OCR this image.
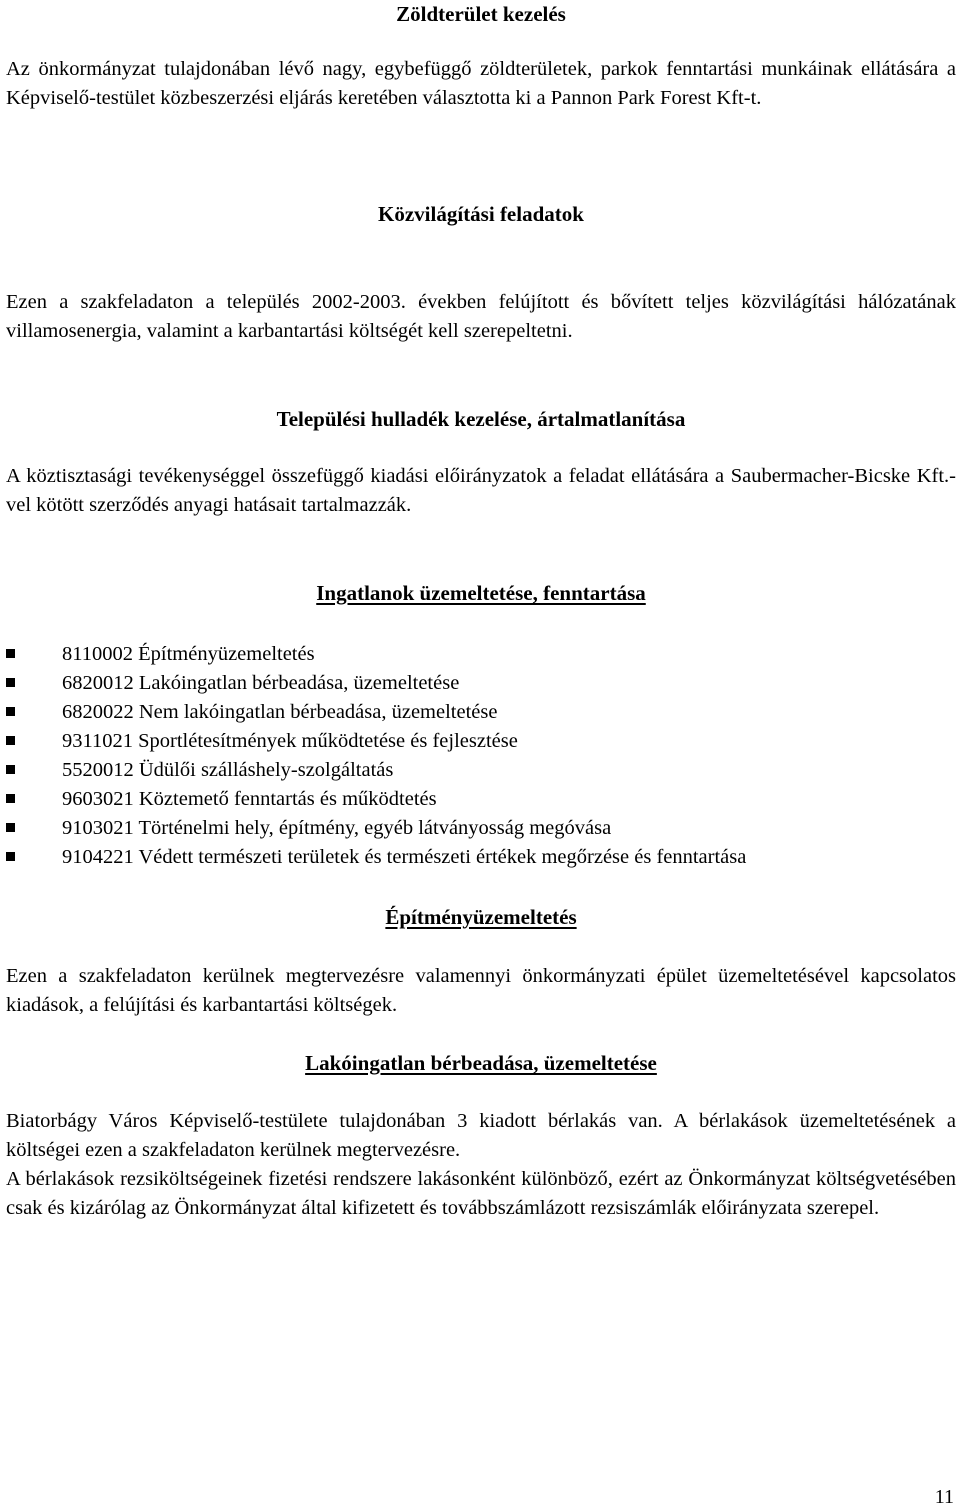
Zöldterület kezelés

Az önkormányzat tulajdonában lévő nagy, egybefüggő zöldterületek, parkok fenntartási munkáinak ellátására a Képviselő-testület közbeszerzési eljárás keretében választotta ki a Pannon Park Forest Kft-t.

Közvilágítási feladatok

Ezen a szakfeladaton a település 2002-2003. években felújított és bővített teljes közvilágítási hálózatának villamosenergia, valamint a karbantartási költségét kell szerepeltetni.

Települési hulladék kezelése, ártalmatlanítása

A köztisztasági tevékenységgel összefüggő kiadási előirányzatok a feladat ellátására a Saubermacher-Bicske Kft.-vel kötött szerződés anyagi hatásait tartalmazzák.

Ingatlanok üzemeltetése, fenntartása
8110002 Építményüzemeltetés
6820012 Lakóingatlan bérbeadása, üzemeltetése
6820022 Nem lakóingatlan bérbeadása, üzemeltetése
9311021 Sportlétesítmények működtetése és fejlesztése
5520012 Üdülői szálláshely-szolgáltatás
9603021 Köztemető fenntartás és működtetés
9103021 Történelmi hely, építmény, egyéb látványosság megóvása
9104221 Védett természeti területek és természeti értékek megőrzése és fenntartása
Építményüzemeltetés

Ezen a szakfeladaton kerülnek megtervezésre valamennyi önkormányzati épület üzemeltetésével kapcsolatos kiadások, a felújítási és karbantartási költségek.

Lakóingatlan bérbeadása, üzemeltetése

Biatorbágy Város Képviselő-testülete tulajdonában 3 kiadott bérlakás van. A bérlakások üzemeltetésének a költségei ezen a szakfeladaton kerülnek megtervezésre.

A bérlakások rezsiköltségeinek fizetési rendszere lakásonként különböző, ezért az Önkormányzat költségvetésében csak és kizárólag az Önkormányzat által kifizetett és továbbszámlázott rezsiszámlák előirányzata szerepel.

11
